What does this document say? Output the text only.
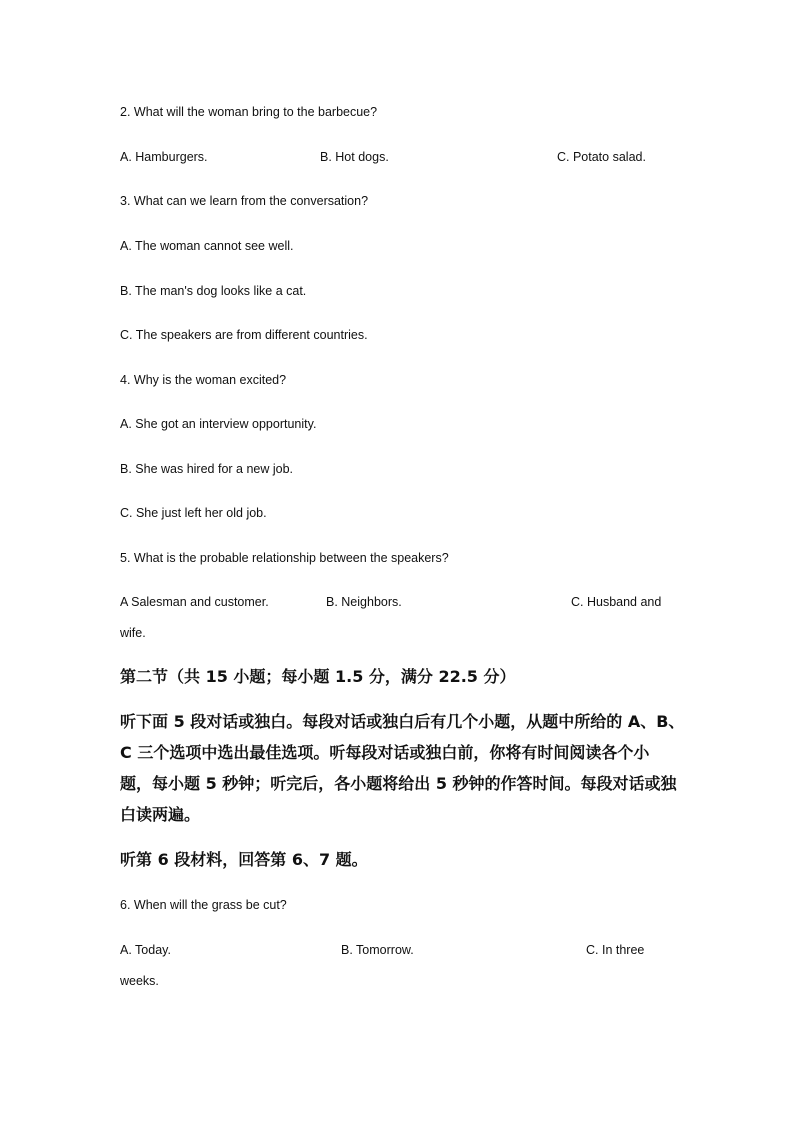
2. What will the woman bring to the barbecue?
A. Hamburgers.	B. Hot dogs.	C. Potato salad.
3. What can we learn from the conversation?
A. The woman cannot see well.
B. The man's dog looks like a cat.
C. The speakers are from different countries.
4. Why is the woman excited?
A. She got an interview opportunity.
B. She was hired for a new job.
C. She just left her old job.
5. What is the probable relationship between the speakers?
A Salesman and customer.	B. Neighbors.	C. Husband and
wife.
第二节（共 15 小题；每小题 1.5 分，满分 22.5 分）
听下面 5 段对话或独白。每段对话或独白后有几个小题，从题中所给的 A、B、
C 三个选项中选出最佳选项。听每段对话或独白前，你将有时间阅读各个小
题，每小题 5 秒钟；听完后，各小题将给出 5 秒钟的作答时间。每段对话或独
白读两遍。
听第 6 段材料，回答第 6、7 题。
6. When will the grass be cut?
A. Today.	B. Tomorrow.	C. In three
weeks.
